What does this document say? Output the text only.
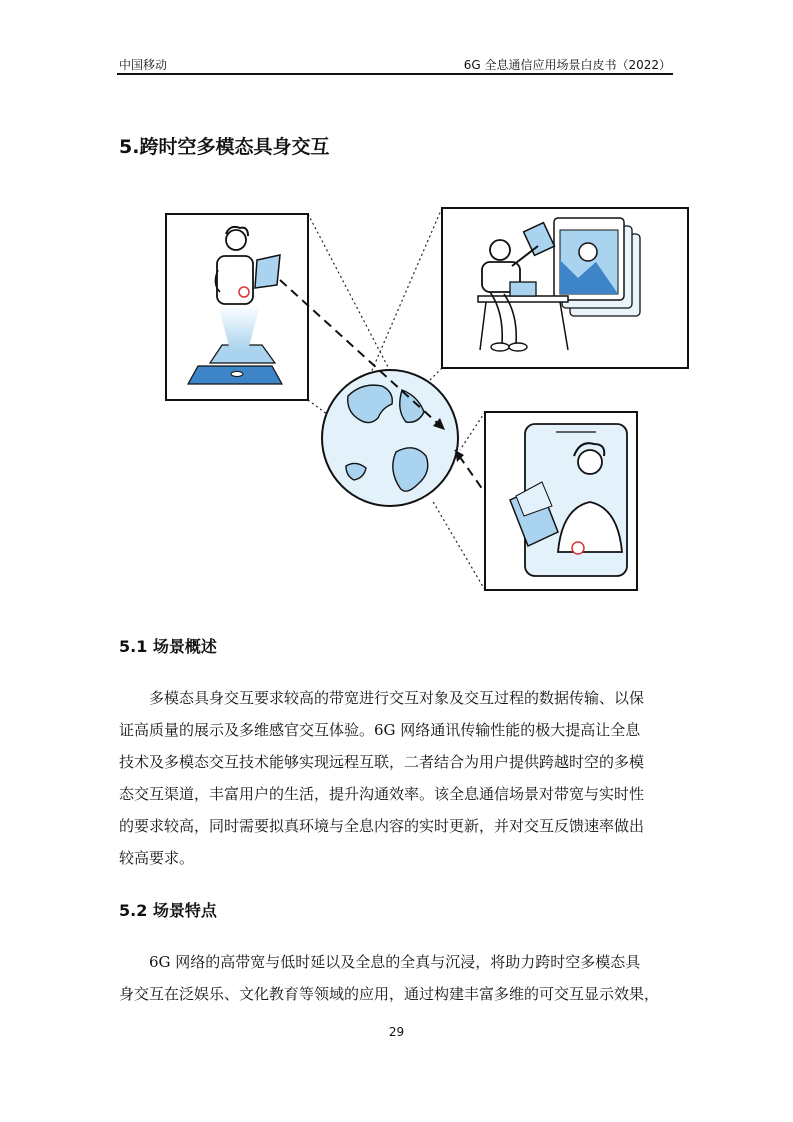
中国移动	6G 全息通信应用场景白皮书（2022）
5.跨时空多模态具身交互
5.1 场景概述
多模态具身交互要求较高的带宽进行交互对象及交互过程的数据传输、以保
证高质量的展示及多维感官交互体验。6G 网络通讯传输性能的极大提高让全息
技术及多模态交互技术能够实现远程互联，二者结合为用户提供跨越时空的多模
态交互渠道，丰富用户的生活，提升沟通效率。该全息通信场景对带宽与实时性
的要求较高，同时需要拟真环境与全息内容的实时更新，并对交互反馈速率做出
较高要求。
5.2 场景特点
6G 网络的高带宽与低时延以及全息的全真与沉浸，将助力跨时空多模态具
身交互在泛娱乐、文化教育等领域的应用，通过构建丰富多维的可交互显示效果，
29
